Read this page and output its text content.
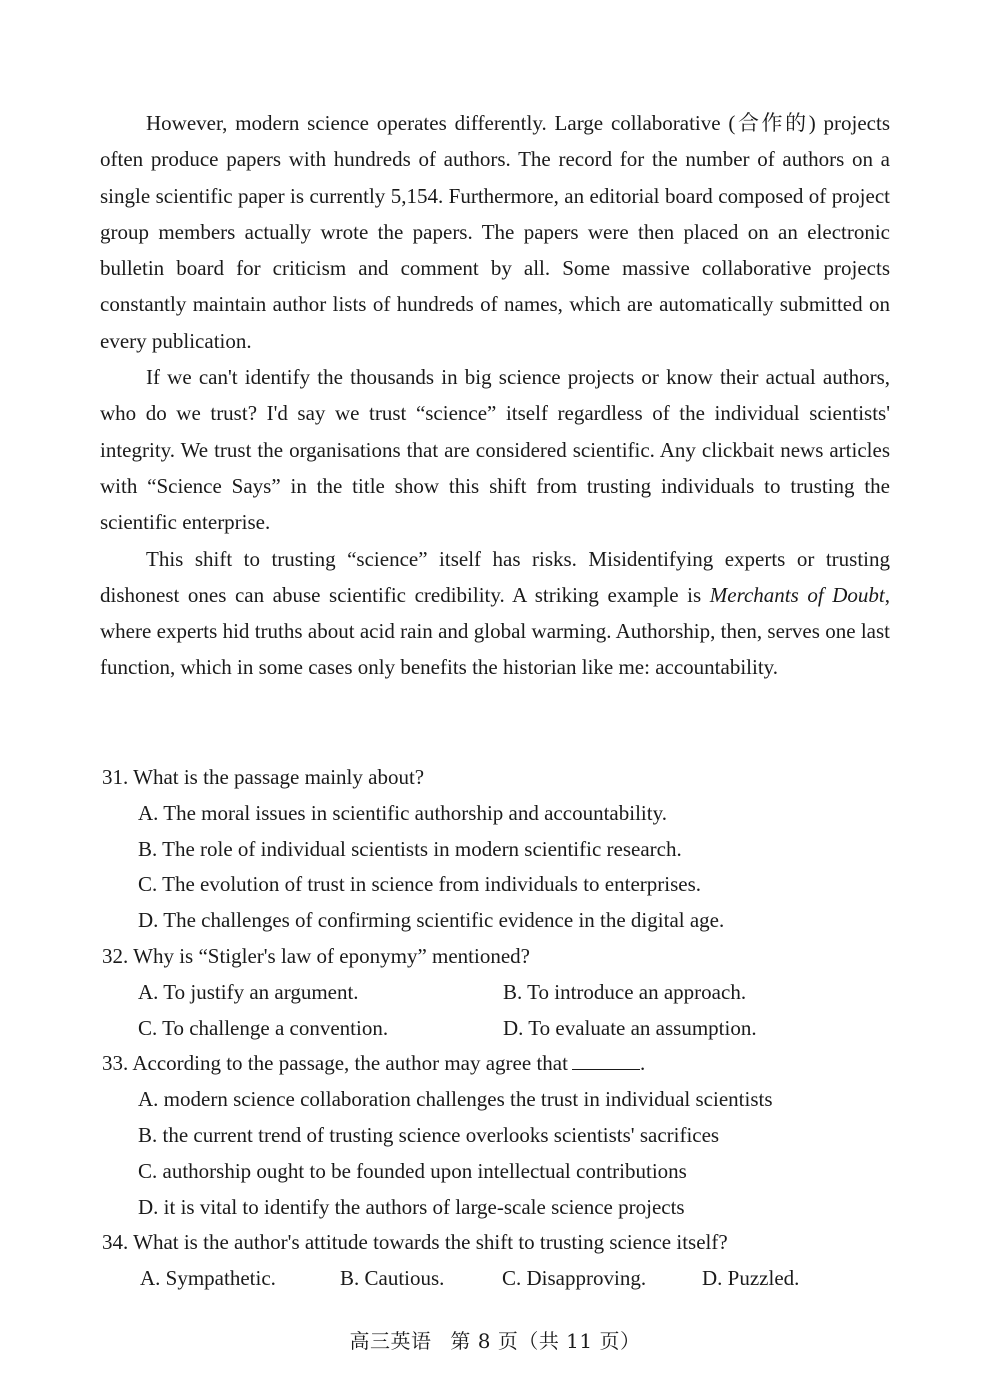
However, modern science operates differently. Large collaborative (合作的) projects often produce papers with hundreds of authors. The record for the number of authors on a single scientific paper is currently 5,154. Furthermore, an editorial board composed of project group members actually wrote the papers. The papers were then placed on an electronic bulletin board for criticism and comment by all. Some massive collaborative projects constantly maintain author lists of hundreds of names, which are automatically submitted on every publication.

If we can't identify the thousands in big science projects or know their actual authors, who do we trust? I'd say we trust “science” itself regardless of the individual scientists' integrity. We trust the organisations that are considered scientific. Any clickbait news articles with “Science Says” in the title show this shift from trusting individuals to trusting the scientific enterprise.

This shift to trusting “science” itself has risks. Misidentifying experts or trusting dishonest ones can abuse scientific credibility. A striking example is Merchants of Doubt, where experts hid truths about acid rain and global warming. Authorship, then, serves one last function, which in some cases only benefits the historian like me: accountability.

31. What is the passage mainly about?

A. The moral issues in scientific authorship and accountability.

B. The role of individual scientists in modern scientific research.

C. The evolution of trust in science from individuals to enterprises.

D. The challenges of confirming scientific evidence in the digital age.

32. Why is “Stigler's law of eponymy” mentioned?

A. To justify an argument.	B. To introduce an approach.
C. To challenge a convention.	D. To evaluate an assumption.

33. According to the passage, the author may agree that	.

A. modern science collaboration challenges the trust in individual scientists

B. the current trend of trusting science overlooks scientists' sacrifices

C. authorship ought to be founded upon intellectual contributions

D. it is vital to identify the authors of large-scale science projects

34. What is the author's attitude towards the shift to trusting science itself?

A. Sympathetic.	B. Cautious.	C. Disapproving.	D. Puzzled.
高三英语 第 8 页（共 11 页）
